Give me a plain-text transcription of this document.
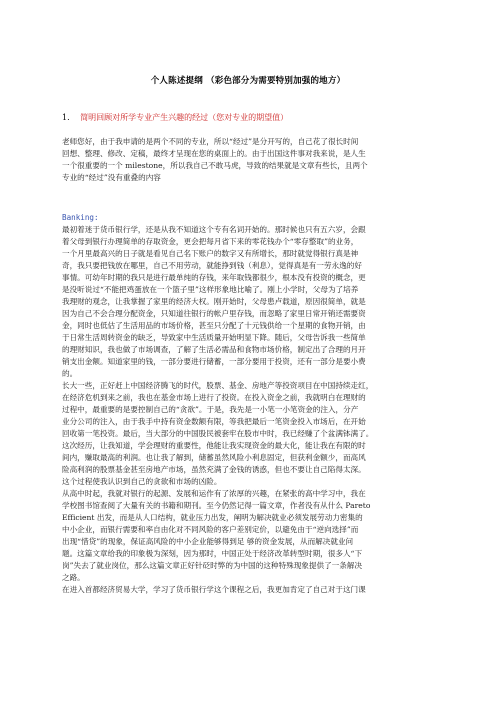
个人陈述提纲 （彩色部分为需要特别加强的地方）
1. 简明回顾对所学专业产生兴趣的经过（您对专业的期望值）

老师您好，由于我申请的是两个不同的专业，所以“经过”是分开写的，自己花了很长时间
回想、整理、修改、定稿，最终才呈现在您的桌面上的。由于出国这件事对我来说，是人生
一个很重要的一个 milestone，所以我自己不敢马虎，导致的结果就是文章有些长，且两个
专业的“经过”没有重叠的内容

Banking:

最初着迷于货币银行学，还是从我不知道这个专有名词开始的。那时候也只有五六岁，会跟
着父母到银行办理简单的存取资金，更会把每月省下来的零花钱办个“零存整取”的业务，
一个月里最高兴的日子就是看见自己名下账户的数字又有所增长，那时就觉得银行真是神
奇，我只要把钱放在哪里，自己不用劳动，就能挣到钱（利息），觉得真是有一劳永逸的好
事情。可幼年时期的我只是进行最单纯的存钱，来年取钱都很少，根本没有投资的概念，更
是没听说过“不能把鸡蛋放在一个篮子里”这样形象地比喻了。刚上小学时，父母为了培养
我理财的观念，让我掌握了家里的经济大权。刚开始时，父母患卢载道，原因很简单，就是
因为自己不会合理分配资金，只知道往银行的帐户里存钱，而忽略了家里日常开销还需要资
金，同时也低估了生活用品的市场价格，甚至只分配了十元钱供给一个星期的食物开销，由
于日常生活周转资金的缺乏，导致家中生活质量开始明显下降。随后，父母告诉我一些简单
的理财知识，我也做了市场调查，了解了生活必需品和食物市场价格，制定出了合理的月开
销支出金额。知道家里的钱，一部分要进行储蓄，一部分要用于投资，还有一部分是要小费
的。

长大一些，正好赶上中国经济腾飞的时代，股票、基金、房地产等投资项目在中国持续走红，
在经济危机到来之前，我也在基金市场上进行了投资。在投入资金之前，我就明白在理财的
过程中，最重要的是要控制自己的“贪欲”。于是，我先是一小笔一小笔资金的注入，分产
业分公司的注入，由于我手中持有资金数额有限，等我把最后一笔资金投入市场后，在开始
回收第一笔投资。最后，当大部分的中国股民被套牢在股市中时，我已经赚了个盆满钵满了。
这次经历，让我知道，学会理财的重要性，他能让我实现资金的最大化，能让我在有限的时
间内，赚取最高的利润。也让我了解到，储蓄虽然风险小利息固定，但获利金额少，而高风
险高利润的股票基金甚至房地产市场，虽然充满了金钱的诱惑，但也不要让自己陷得太深。
这个过程使我认识到自己的贪欲和市场的凶险。

从高中时起，我就对银行的起源、发展和运作有了浓厚的兴趣，在紧张的高中学习中，我在
学校图书馆查阅了大量有关的书籍和期刊。至今仍然记得一篇文章，作者没有从什么 Pareto
Efficient 出发，而是从人口结构，就业压力出发，阐明为解决就业必须发展劳动力密集的
中小企业，而银行需要和率自由化对不同风险的客户差别定价，以避免由于“逆向选择”而
出现“惜贷”的现象，保证高风险的中小企业能够得到足 够的资金发展，从而解决就业问
题。这篇文章给我的印象极为深刻，因为那时，中国正处于经济改革转型时期，很多人“下
岗”失去了就业岗位，那么这篇文章正好针砭时弊的为中国的这种特殊现象提供了一条解决
之路。

在进入首都经济贸易大学，学习了货币银行学这个课程之后，我更加肯定了自己对于这门课
